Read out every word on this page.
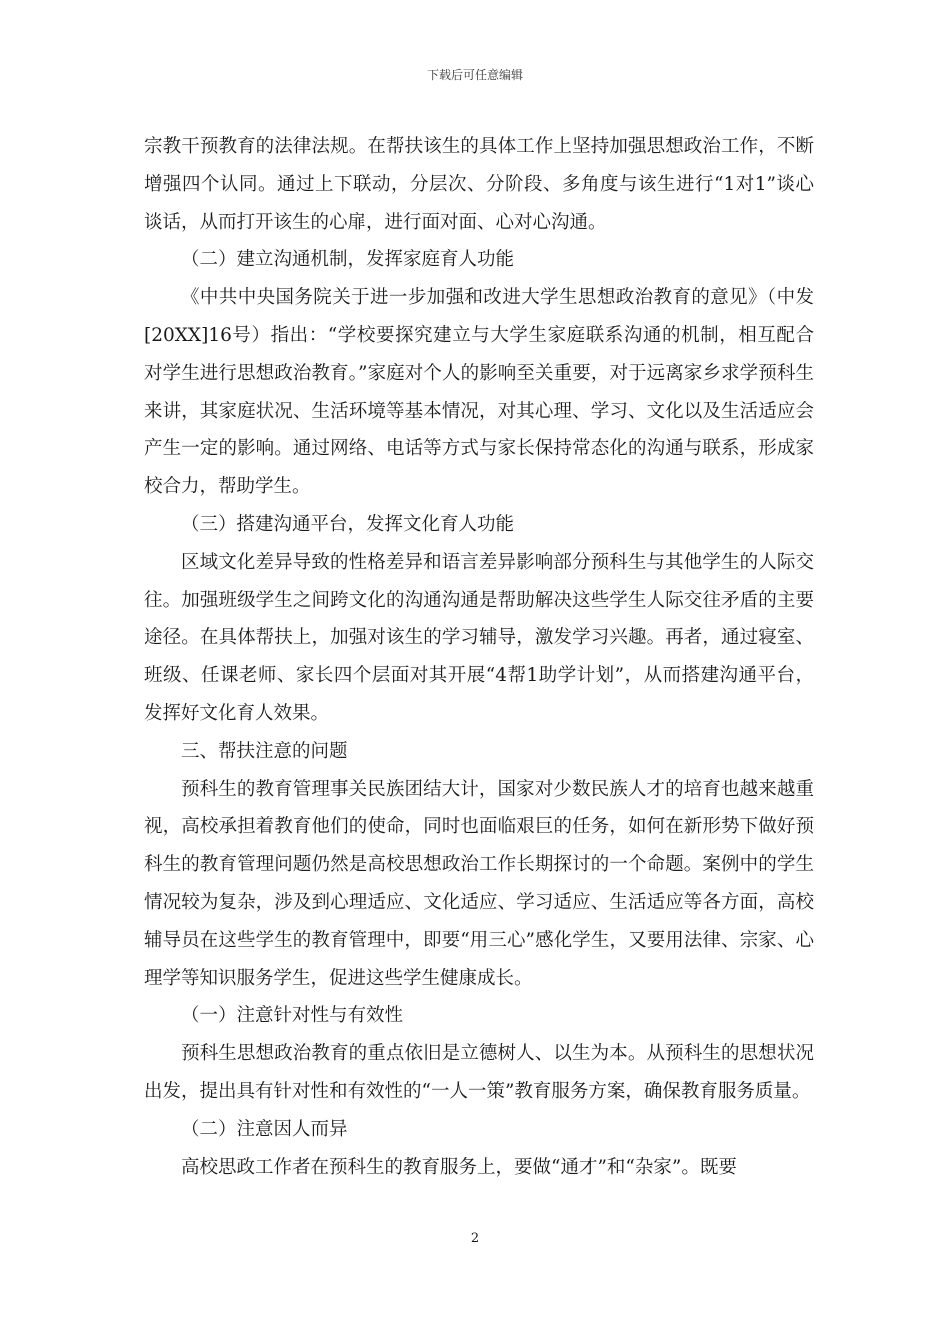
下载后可任意编辑

宗教干预教育的法律法规。在帮扶该生的具体工作上坚持加强思想政治工作，不断增强四个认同。通过上下联动，分层次、分阶段、多角度与该生进行“1对1”谈心谈话，从而打开该生的心扉，进行面对面、心对心沟通。

（二）建立沟通机制，发挥家庭育人功能

《中共中央国务院关于进一步加强和改进大学生思想政治教育的意见》（中发[20XX]16号）指出：“学校要探究建立与大学生家庭联系沟通的机制，相互配合对学生进行思想政治教育。”家庭对个人的影响至关重要，对于远离家乡求学预科生来讲，其家庭状况、生活环境等基本情况，对其心理、学习、文化以及生活适应会产生一定的影响。通过网络、电话等方式与家长保持常态化的沟通与联系，形成家校合力，帮助学生。

（三）搭建沟通平台，发挥文化育人功能

区域文化差异导致的性格差异和语言差异影响部分预科生与其他学生的人际交往。加强班级学生之间跨文化的沟通沟通是帮助解决这些学生人际交往矛盾的主要途径。在具体帮扶上，加强对该生的学习辅导，激发学习兴趣。再者，通过寝室、班级、任课老师、家长四个层面对其开展“4帮1助学计划”，从而搭建沟通平台，发挥好文化育人效果。

三、帮扶注意的问题

预科生的教育管理事关民族团结大计，国家对少数民族人才的培育也越来越重视，高校承担着教育他们的使命，同时也面临艰巨的任务，如何在新形势下做好预科生的教育管理问题仍然是高校思想政治工作长期探讨的一个命题。案例中的学生情况较为复杂，涉及到心理适应、文化适应、学习适应、生活适应等各方面，高校辅导员在这些学生的教育管理中，即要“用三心”感化学生，又要用法律、宗家、心理学等知识服务学生，促进这些学生健康成长。

（一）注意针对性与有效性

预科生思想政治教育的重点依旧是立德树人、以生为本。从预科生的思想状况出发，提出具有针对性和有效性的“一人一策”教育服务方案，确保教育服务质量。

（二）注意因人而异

高校思政工作者在预科生的教育服务上，要做“通才”和“杂家”。既要

2
